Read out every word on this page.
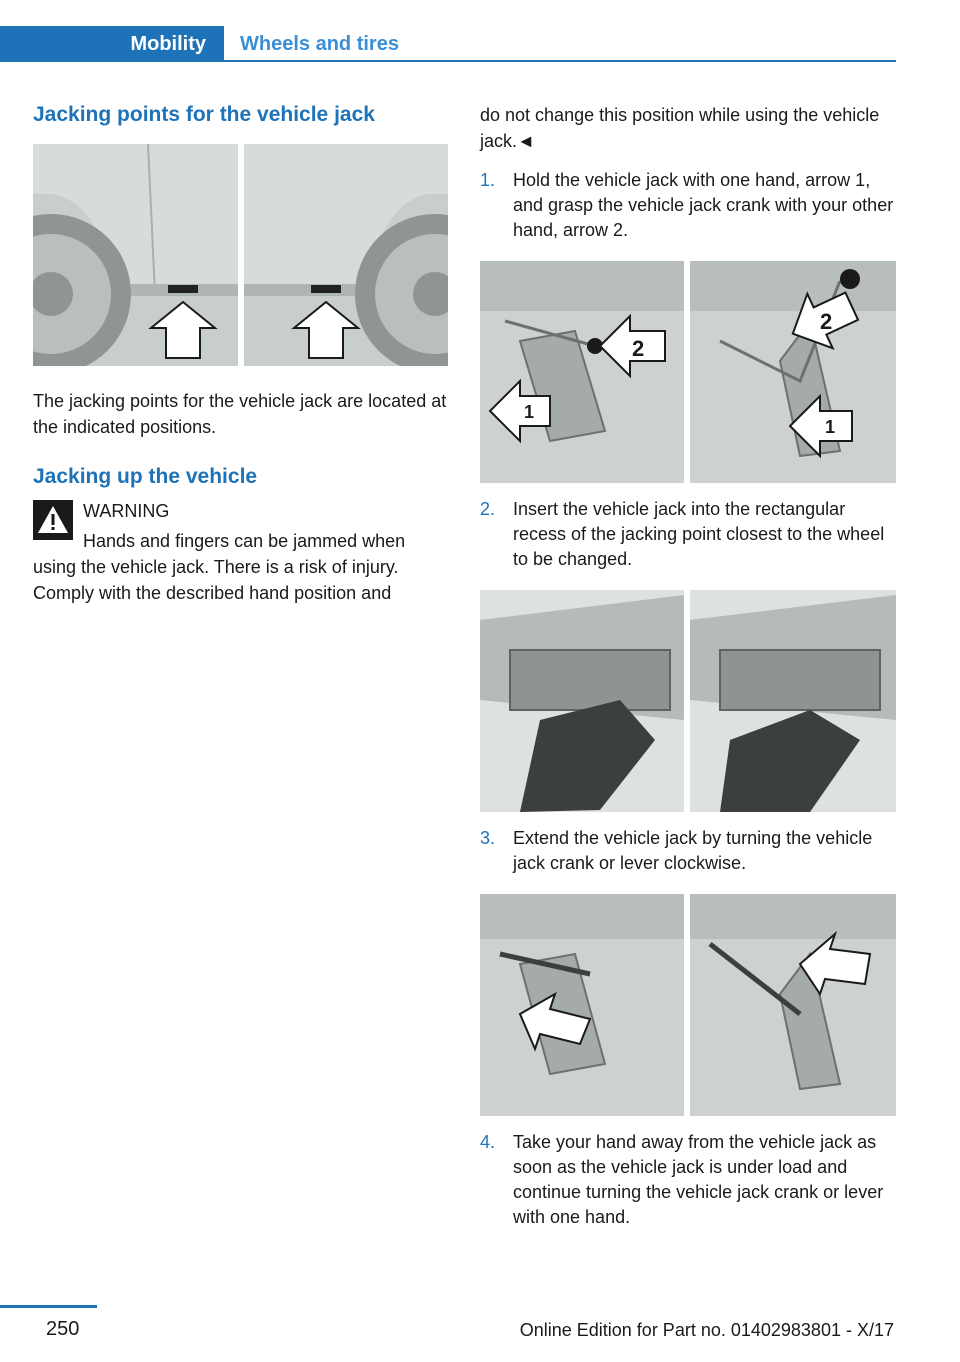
Mobility	Wheels and tires
Jacking points for the vehicle jack
The jacking points for the vehicle jack are located at the indicated positions.
Jacking up the vehicle
WARNING
Hands and fingers can be jammed when using the vehicle jack. There is a risk of injury. Comply with the described hand position and
do not change this position while using the vehicle jack.◄
1. Hold the vehicle jack with one hand, arrow 1, and grasp the vehicle jack crank with your other hand, arrow 2.
1
2
2
1
2. Insert the vehicle jack into the rectangular recess of the jacking point closest to the wheel to be changed.
3. Extend the vehicle jack by turning the vehicle jack crank or lever clockwise.
4. Take your hand away from the vehicle jack as soon as the vehicle jack is under load and continue turning the vehicle jack crank or lever with one hand.
250	Online Edition for Part no. 01402983801 - X/17
